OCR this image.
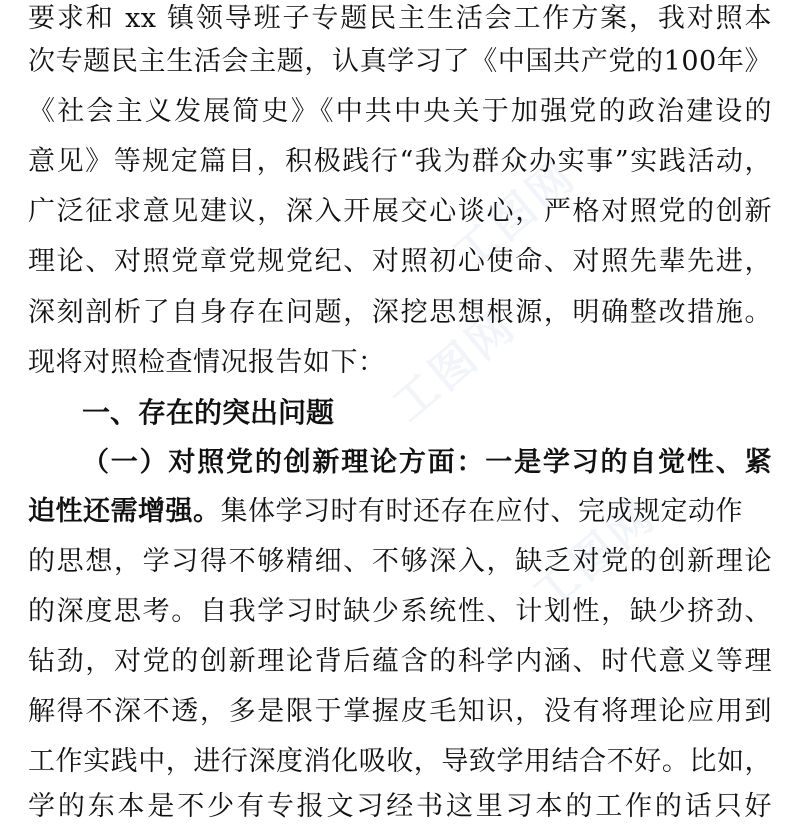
工图网
工图网
工图网
要求和 xx 镇领导班子专题民主生活会工作方案，我对照本
次专题民主生活会主题，认真学习了《中国共产党的100年》
《社会主义发展简史》《中共中央关于加强党的政治建设的
意见》等规定篇目，积极践行“我为群众办实事”实践活动，
广泛征求意见建议，深入开展交心谈心，严格对照党的创新
理论、对照党章党规党纪、对照初心使命、对照先辈先进，
深刻剖析了自身存在问题，深挖思想根源，明确整改措施。
现将对照检查情况报告如下：
一、存在的突出问题
（一）对照党的创新理论方面：一是学习的自觉性、紧
迫性还需增强。集体学习时有时还存在应付、完成规定动作
的思想，学习得不够精细、不够深入，缺乏对党的创新理论
的深度思考。自我学习时缺少系统性、计划性，缺少挤劲、
钻劲，对党的创新理论背后蕴含的科学内涵、时代意义等理
解得不深不透，多是限于掌握皮毛知识，没有将理论应用到
工作实践中，进行深度消化吸收，导致学用结合不好。比如，
学的东本是不少有专报文习经书这里习本的工作的话只好
